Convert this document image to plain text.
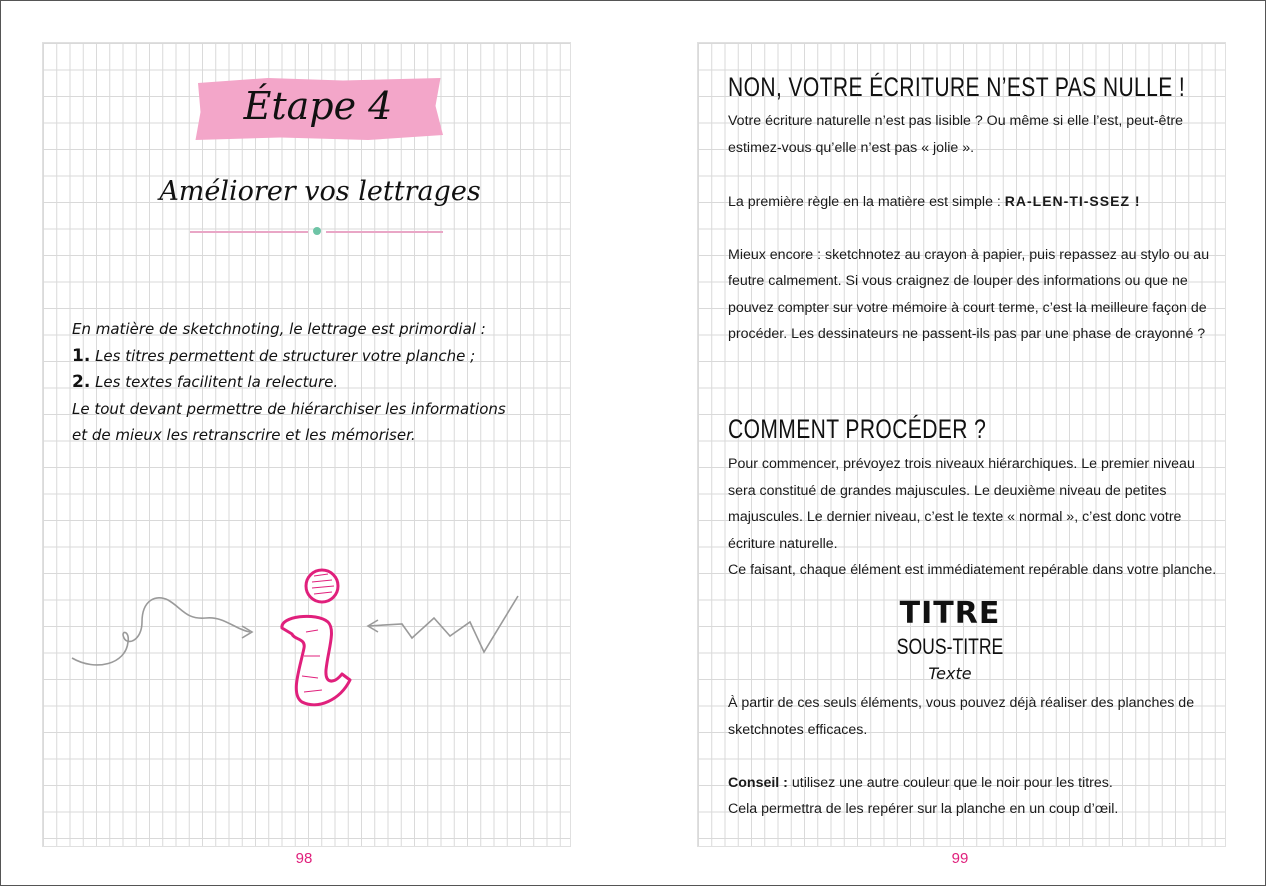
Étape 4
Améliorer vos lettrages

En matière de sketchnoting, le lettrage est primordial :

1. Les titres permettent de structurer votre planche ;

2. Les textes facilitent la relecture.

Le tout devant permettre de hiérarchiser les informations

et de mieux les retranscrire et les mémoriser.

98
NON, VOTRE ÉCRITURE N’EST PAS NULLE !

Votre écriture naturelle n’est pas lisible ? Ou même si elle l’est, peut-être estimez-vous qu’elle n’est pas « jolie ».

La première règle en la matière est simple : RA-LEN-TI-SSEZ !

Mieux encore : sketchnotez au crayon à papier, puis repassez au stylo ou au feutre calmement. Si vous craignez de louper des informations ou que ne pouvez compter sur votre mémoire à court terme, c’est la meilleure façon de procéder. Les dessinateurs ne passent-ils pas par une phase de crayonné ?

COMMENT PROCÉDER ?

Pour commencer, prévoyez trois niveaux hiérarchiques. Le premier niveau sera constitué de grandes majuscules. Le deuxième niveau de petites majuscules. Le dernier niveau, c’est le texte « normal », c’est donc votre écriture naturelle.

Ce faisant, chaque élément est immédiatement repérable dans votre planche.

TITRE
SOUS-TITRE
Texte

À partir de ces seuls éléments, vous pouvez déjà réaliser des planches de sketchnotes efficaces.

Conseil : utilisez une autre couleur que le noir pour les titres.

Cela permettra de les repérer sur la planche en un coup d’œil.

99
